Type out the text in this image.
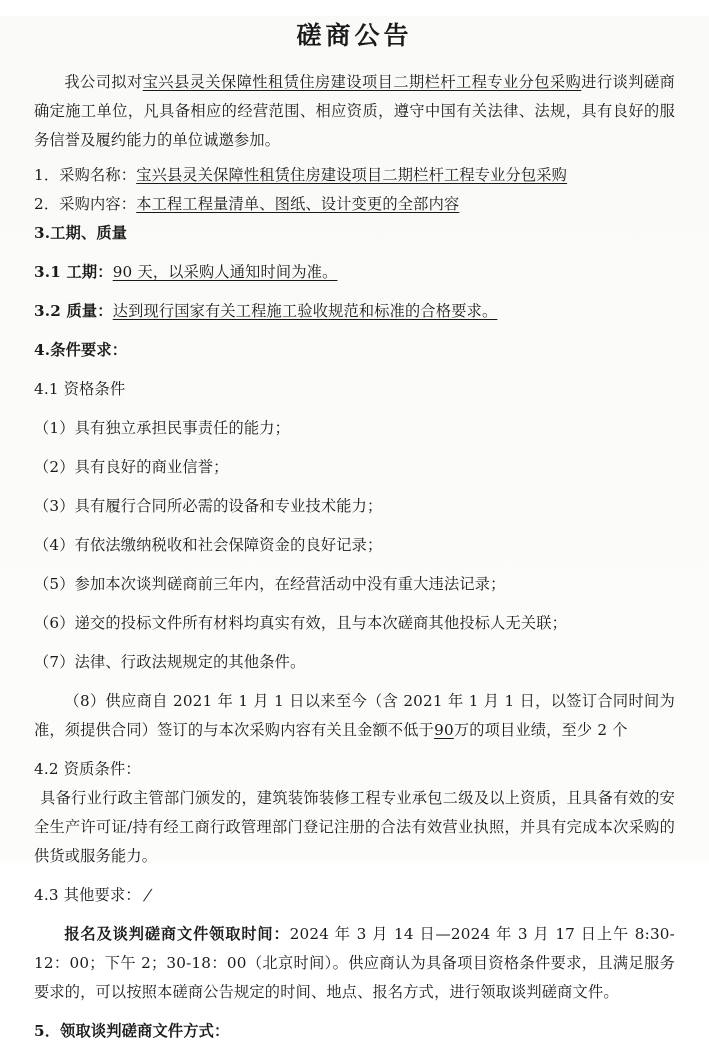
磋商公告

我公司拟对宝兴县灵关保障性租赁住房建设项目二期栏杆工程专业分包采购进行谈判磋商确定施工单位，凡具备相应的经营范围、相应资质，遵守中国有关法律、法规，具有良好的服务信誉及履约能力的单位诚邀参加。

1．采购名称：宝兴县灵关保障性租赁住房建设项目二期栏杆工程专业分包采购
2．采购内容：本工程工程量清单、图纸、设计变更的全部内容
3.工期、质量
3.1 工期：90 天，以采购人通知时间为准。
3.2 质量：达到现行国家有关工程施工验收规范和标准的合格要求。
4.条件要求：
4.1 资格条件
（1）具有独立承担民事责任的能力；
（2）具有良好的商业信誉；
（3）具有履行合同所必需的设备和专业技术能力；
（4）有依法缴纳税收和社会保障资金的良好记录；
（5）参加本次谈判磋商前三年内，在经营活动中没有重大违法记录；
（6）递交的投标文件所有材料均真实有效，且与本次磋商其他投标人无关联；
（7）法律、行政法规规定的其他条件。

（8）供应商自 2021 年 1 月 1 日以来至今（含 2021 年 1 月 1 日，以签订合同时间为准，须提供合同）签订的与本次采购内容有关且金额不低于90万的项目业绩，至少 2 个

4.2 资质条件：

具备行业行政主管部门颁发的，建筑装饰装修工程专业承包二级及以上资质，且具备有效的安全生产许可证/持有经工商行政管理部门登记注册的合法有效营业执照，并具有完成本次采购的供货或服务能力。

4.3 其他要求：/

报名及谈判磋商文件领取时间：2024 年 3 月 14 日—2024 年 3 月 17 日上午 8:30-12：00；下午 2；30-18：00（北京时间）。供应商认为具备项目资格条件要求，且满足服务要求的，可以按照本磋商公告规定的时间、地点、报名方式，进行领取谈判磋商文件。

5．领取谈判磋商文件方式：
